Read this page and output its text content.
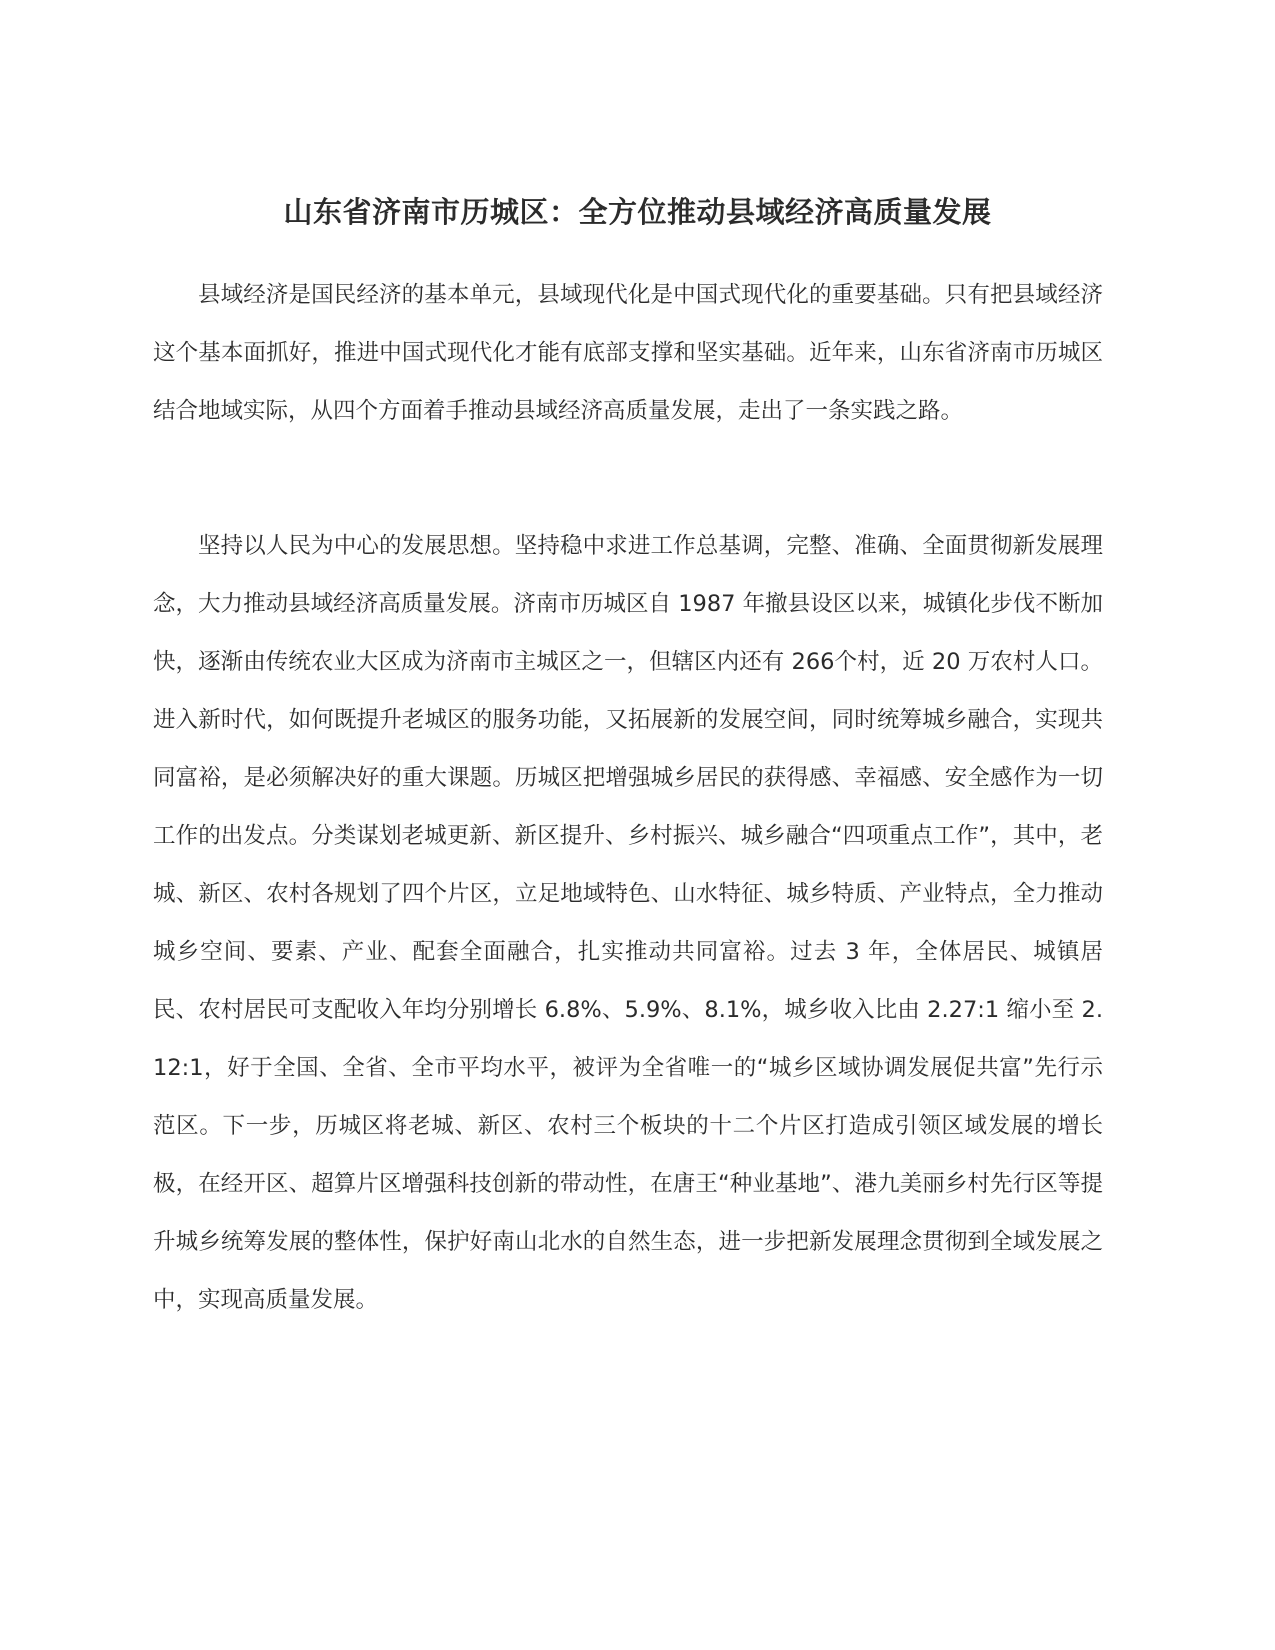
山东省济南市历城区：全方位推动县域经济高质量发展

县域经济是国民经济的基本单元，县域现代化是中国式现代化的重要基础。只有把县域经济这个基本面抓好，推进中国式现代化才能有底部支撑和坚实基础。近年来，山东省济南市历城区结合地域实际，从四个方面着手推动县域经济高质量发展，走出了一条实践之路。

坚持以人民为中心的发展思想。坚持稳中求进工作总基调，完整、准确、全面贯彻新发展理念，大力推动县域经济高质量发展。济南市历城区自 1987 年撤县设区以来，城镇化步伐不断加快，逐渐由传统农业大区成为济南市主城区之一，但辖区内还有 266个村，近 20 万农村人口。进入新时代，如何既提升老城区的服务功能，又拓展新的发展空间，同时统筹城乡融合，实现共同富裕，是必须解决好的重大课题。历城区把增强城乡居民的获得感、幸福感、安全感作为一切工作的出发点。分类谋划老城更新、新区提升、乡村振兴、城乡融合“四项重点工作”，其中，老城、新区、农村各规划了四个片区，立足地域特色、山水特征、城乡特质、产业特点，全力推动城乡空间、要素、产业、配套全面融合，扎实推动共同富裕。过去 3 年，全体居民、城镇居民、农村居民可支配收入年均分别增长 6.8%、5.9%、8.1%，城乡收入比由 2.27:1 缩小至 2.12:1，好于全国、全省、全市平均水平，被评为全省唯一的“城乡区域协调发展促共富”先行示范区。下一步，历城区将老城、新区、农村三个板块的十二个片区打造成引领区域发展的增长极，在经开区、超算片区增强科技创新的带动性，在唐王“种业基地”、港九美丽乡村先行区等提升城乡统筹发展的整体性，保护好南山北水的自然生态，进一步把新发展理念贯彻到全域发展之中，实现高质量发展。
